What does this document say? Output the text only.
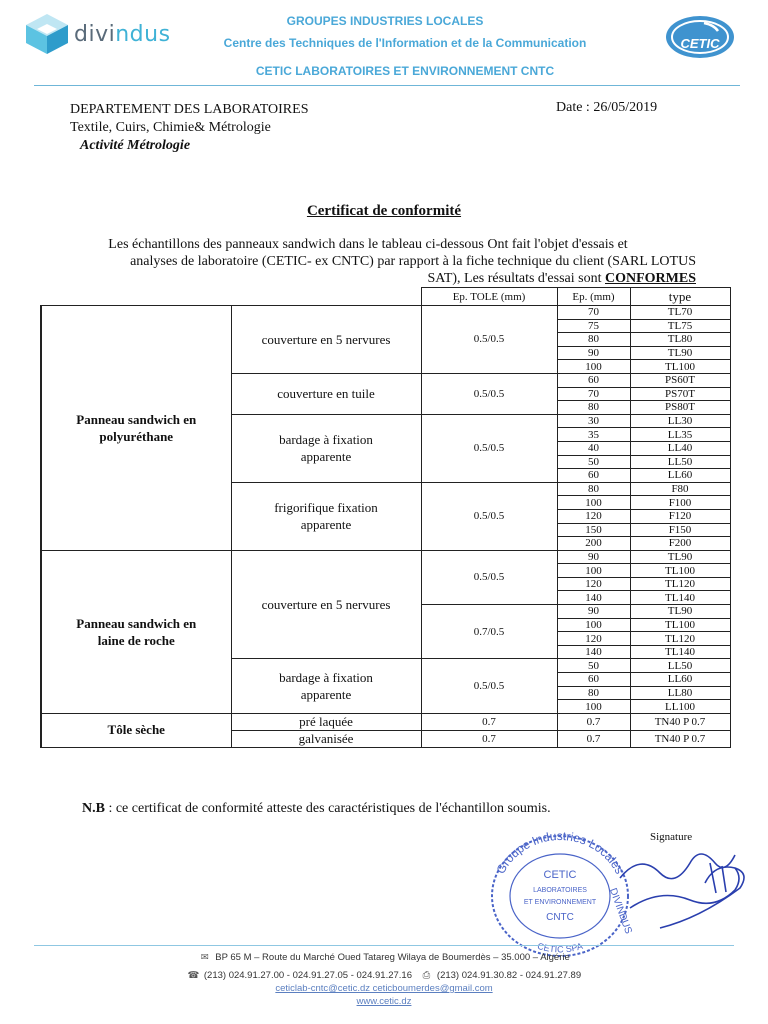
divindus
GROUPES INDUSTRIES LOCALES
Centre des Techniques de l'Information et de la Communication
CETIC LABORATOIRES ET ENVIRONNEMENT CNTC
CETIC
DEPARTEMENT DES LABORATOIRES
Textile, Cuirs, Chimie& Métrologie
Activité Métrologie
Date : 26/05/2019
Certificat de conformité
Les échantillons des panneaux sandwich dans le tableau ci-dessous Ont fait l'objet d'essais et
analyses de laboratoire (CETIC- ex CNTC) par rapport à la fiche technique du client (SARL LOTUS
SAT), Les résultats d'essai sont CONFORMES
		Ep. TOLE (mm)	Ep. (mm)	type
Panneau sandwich en
polyuréthane	couverture en 5 nervures	0.5/0.5	70	TL70
			75	TL75
			80	TL80
			90	TL90
			100	TL100
	couverture en tuile	0.5/0.5	60	PS60T
			70	PS70T
			80	PS80T
	bardage à fixation
apparente	0.5/0.5	30	LL30
			35	LL35
			40	LL40
			50	LL50
			60	LL60
	frigorifique fixation
apparente	0.5/0.5	80	F80
			100	F100
			120	F120
			150	F150
			200	F200
Panneau sandwich en
laine de roche	couverture en 5 nervures	0.5/0.5	90	TL90
			100	TL100
			120	TL120
			140	TL140
		0.7/0.5	90	TL90
			100	TL100
			120	TL120
			140	TL140
	bardage à fixation
apparente	0.5/0.5	50	LL50
			60	LL60
			80	LL80
			100	LL100
Tôle sèche	pré laquée	0.7	0.7	TN40 P 0.7
	galvanisée	0.7	0.7	TN40 P 0.7
N.B : ce certificat de conformité atteste des caractéristiques de l'échantillon soumis.
Signature
Groupe Industries Locales
DIVINDUS
CETIC SPA
CETIC
LABORATOIRES
ET ENVIRONNEMENT
CNTC
✉ BP 65 M – Route du Marché Oued Tatareg Wilaya de Boumerdès – 35.000 – Algérie
☎ (213) 024.91.27.00 - 024.91.27.05 - 024.91.27.16 ⎙ (213) 024.91.30.82 - 024.91.27.89
ceticlab-cntc@cetic.dz ceticboumerdes@gmail.com
www.cetic.dz
